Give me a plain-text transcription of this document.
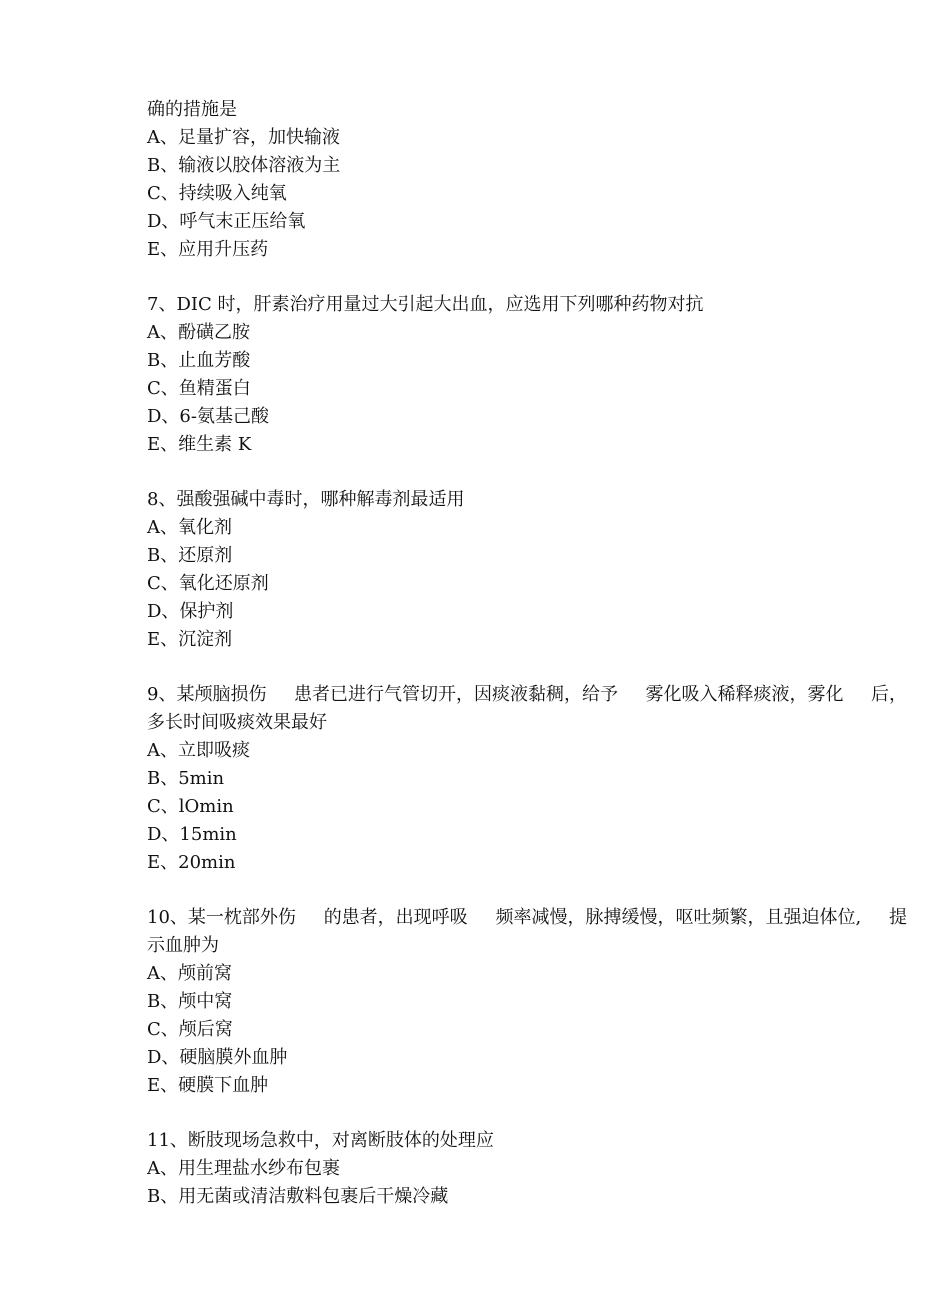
确的措施是
A、足量扩容，加快输液
B、输液以胶体溶液为主
C、持续吸入纯氧
D、呼气末正压给氧
E、应用升压药
7、DIC 时，肝素治疗用量过大引起大出血，应选用下列哪种药物对抗
A、酚磺乙胺
B、止血芳酸
C、鱼精蛋白
D、6-氨基己酸
E、维生素 K
8、强酸强碱中毒时，哪种解毒剂最适用
A、氧化剂
B、还原剂
C、氧化还原剂
D、保护剂
E、沉淀剂
9、某颅脑损伤 患者已进行气管切开，因痰液黏稠，给予 雾化吸入稀释痰液，雾化 后，
多长时间吸痰效果最好
A、立即吸痰
B、5min
C、lOmin
D、15min
E、20min
10、某一枕部外伤 的患者，出现呼吸 频率减慢，脉搏缓慢，呕吐频繁，且强迫体位, 提
示血肿为
A、颅前窝
B、颅中窝
C、颅后窝
D、硬脑膜外血肿
E、硬膜下血肿
11、断肢现场急救中，对离断肢体的处理应
A、用生理盐水纱布包裹
B、用无菌或清洁敷料包裹后干燥冷藏
